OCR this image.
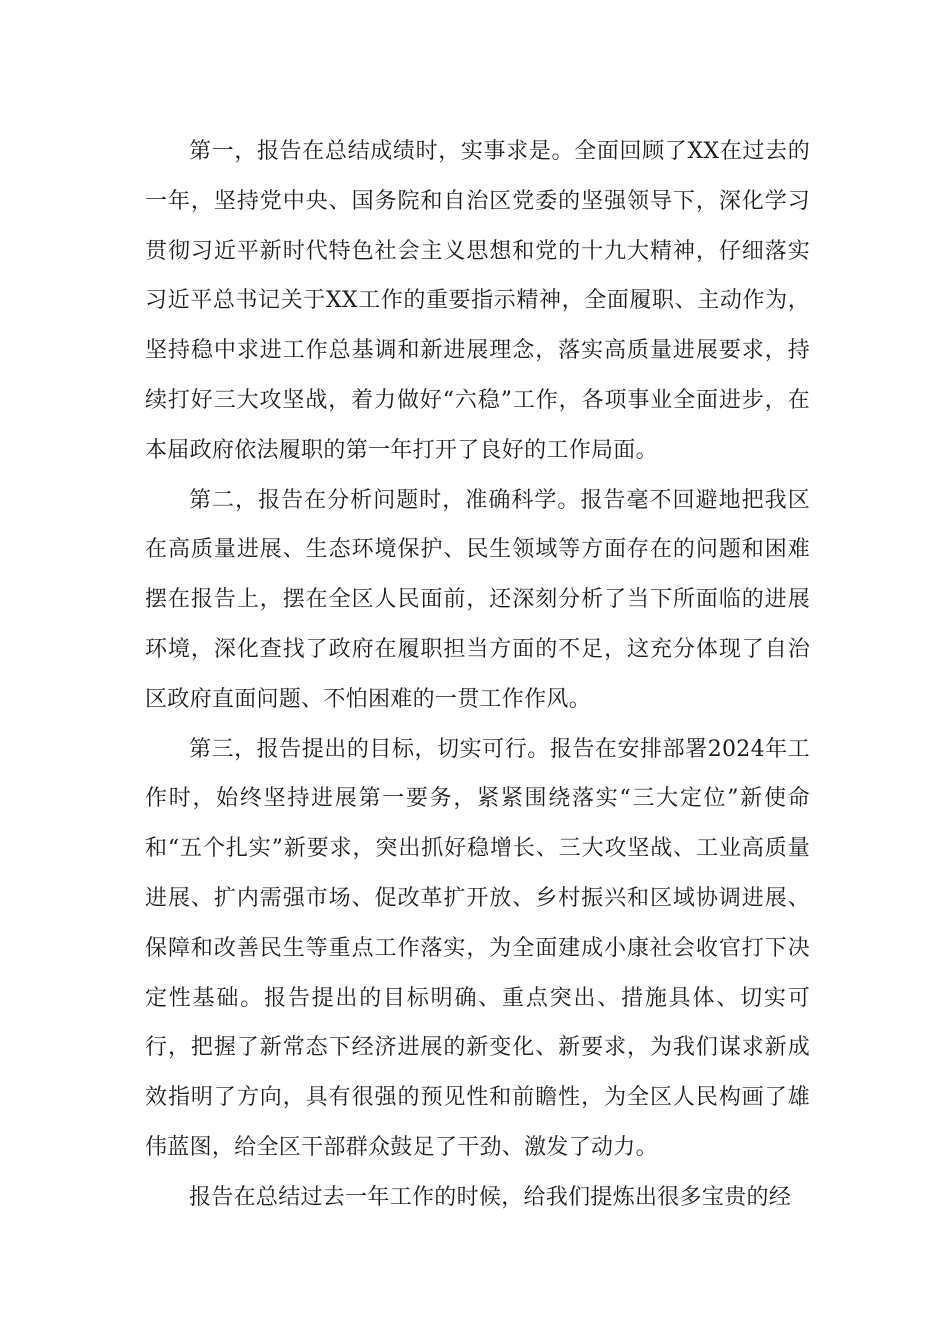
第一，报告在总结成绩时，实事求是。全面回顾了XX在过去的一年，坚持党中央、国务院和自治区党委的坚强领导下，深化学习贯彻习近平新时代特色社会主义思想和党的十九大精神，仔细落实习近平总书记关于XX工作的重要指示精神，全面履职、主动作为，坚持稳中求进工作总基调和新进展理念，落实高质量进展要求，持续打好三大攻坚战，着力做好“六稳”工作，各项事业全面进步，在本届政府依法履职的第一年打开了良好的工作局面。

第二，报告在分析问题时，准确科学。报告毫不回避地把我区在高质量进展、生态环境保护、民生领域等方面存在的问题和困难摆在报告上，摆在全区人民面前，还深刻分析了当下所面临的进展环境，深化查找了政府在履职担当方面的不足，这充分体现了自治区政府直面问题、不怕困难的一贯工作作风。

第三，报告提出的目标，切实可行。报告在安排部署2024年工作时，始终坚持进展第一要务，紧紧围绕落实“三大定位”新使命和“五个扎实”新要求，突出抓好稳增长、三大攻坚战、工业高质量进展、扩内需强市场、促改革扩开放、乡村振兴和区域协调进展、保障和改善民生等重点工作落实，为全面建成小康社会收官打下决定性基础。报告提出的目标明确、重点突出、措施具体、切实可行，把握了新常态下经济进展的新变化、新要求，为我们谋求新成效指明了方向，具有很强的预见性和前瞻性，为全区人民构画了雄伟蓝图，给全区干部群众鼓足了干劲、激发了动力。

报告在总结过去一年工作的时候，给我们提炼出很多宝贵的经
